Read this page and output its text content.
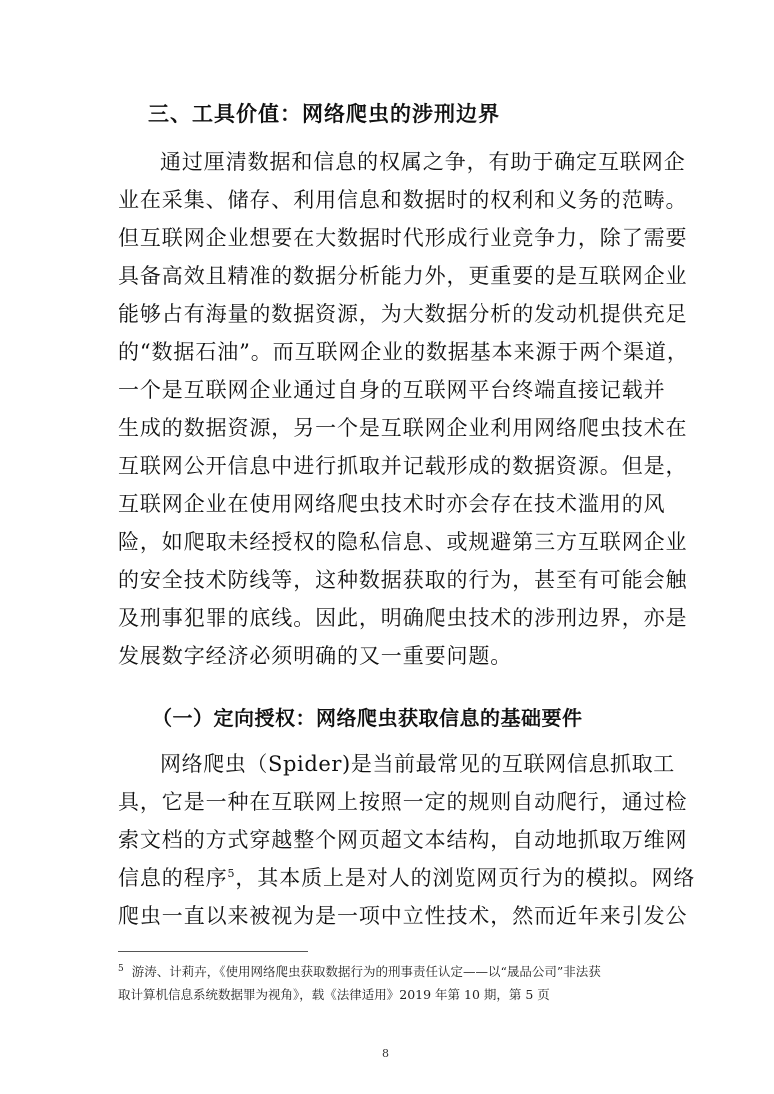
三、工具价值：网络爬虫的涉刑边界
通过厘清数据和信息的权属之争，有助于确定互联网企
业在采集、储存、利用信息和数据时的权利和义务的范畴。
但互联网企业想要在大数据时代形成行业竞争力，除了需要
具备高效且精准的数据分析能力外，更重要的是互联网企业
能够占有海量的数据资源，为大数据分析的发动机提供充足
的“数据石油”。而互联网企业的数据基本来源于两个渠道，
一个是互联网企业通过自身的互联网平台终端直接记载并
生成的数据资源，另一个是互联网企业利用网络爬虫技术在
互联网公开信息中进行抓取并记载形成的数据资源。但是，
互联网企业在使用网络爬虫技术时亦会存在技术滥用的风
险，如爬取未经授权的隐私信息、或规避第三方互联网企业
的安全技术防线等，这种数据获取的行为，甚至有可能会触
及刑事犯罪的底线。因此，明确爬虫技术的涉刑边界，亦是
发展数字经济必须明确的又一重要问题。
（一）定向授权：网络爬虫获取信息的基础要件
网络爬虫（Spider)是当前最常见的互联网信息抓取工
具，它是一种在互联网上按照一定的规则自动爬行，通过检
索文档的方式穿越整个网页超文本结构，自动地抓取万维网
信息的程序$^5$，其本质上是对人的浏览网页行为的模拟。网络
爬虫一直以来被视为是一项中立性技术，然而近年来引发公
$^5$ 游涛、计莉卉，《使用网络爬虫获取数据行为的刑事责任认定——以“晟品公司”非法获
取计算机信息系统数据罪为视角》，载《法律适用》2019 年第 10 期，第 5 页
8
